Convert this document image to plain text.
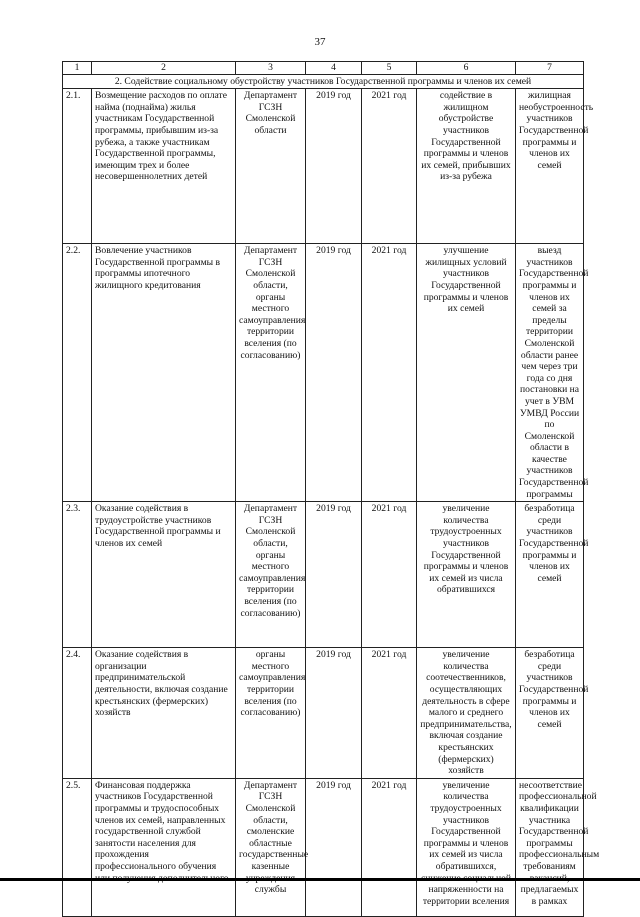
37
1	2	3	4	5	6	7
2. Содействие социальному обустройству участников Государственной программы и членов их семей						
2.1.	Возмещение расходов по оплате найма (поднайма) жилья участникам Государственной программы, прибывшим из-за рубежа, а также участникам Государственной программы, имеющим трех и более несовершеннолетних детей	Департамент ГСЗН Смоленской области	2019 год	2021 год	содействие в жилищном обустройстве участников Государственной программы и членов их семей, прибывших из-за рубежа	жилищная необустроенность участников Государственной программы и членов их семей
2.2.	Вовлечение участников Государственной программы в программы ипотечного жилищного кредитования	Департамент ГСЗН Смоленской области, органы местного самоуправления территории вселения (по согласованию)	2019 год	2021 год	улучшение жилищных условий участников Государственной программы и членов их семей	выезд участников Государственной программы и членов их семей за пределы территории Смоленской области ранее чем через три года со дня постановки на учет в УВМ УМВД России по Смоленской области в качестве участников Государственной программы
2.3.	Оказание содействия в трудоустройстве участников Государственной программы и членов их семей	Департамент ГСЗН Смоленской области, органы местного самоуправления территории вселения (по согласованию)	2019 год	2021 год	увеличение количества трудоустроенных участников Государственной программы и членов их семей из числа обратившихся	безработица среди участников Государственной программы и членов их семей
2.4.	Оказание содействия в организации предпринимательской деятельности, включая создание крестьянских (фермерских) хозяйств	органы местного самоуправления территории вселения (по согласованию)	2019 год	2021 год	увеличение количества соотечественников, осуществляющих деятельность в сфере малого и среднего предпринимательства, включая создание крестьянских (фермерских) хозяйств	безработица среди участников Государственной программы и членов их семей
2.5.	Финансовая поддержка участников Государственной программы и трудоспособных членов их семей, направленных государственной службой занятости населения для прохождения профессионального обучения	Департамент ГСЗН Смоленской области, смоленские областные государственные казенные службы	2019 год	2021 год	увеличение количества трудоустроенных участников Государственной программы и членов их семей из числа обратившихся, напряженности на территории вселения	несоответствие профессиональной квалификации участника Государственной программы профессиональным требованиям предлагаемых в рамках
